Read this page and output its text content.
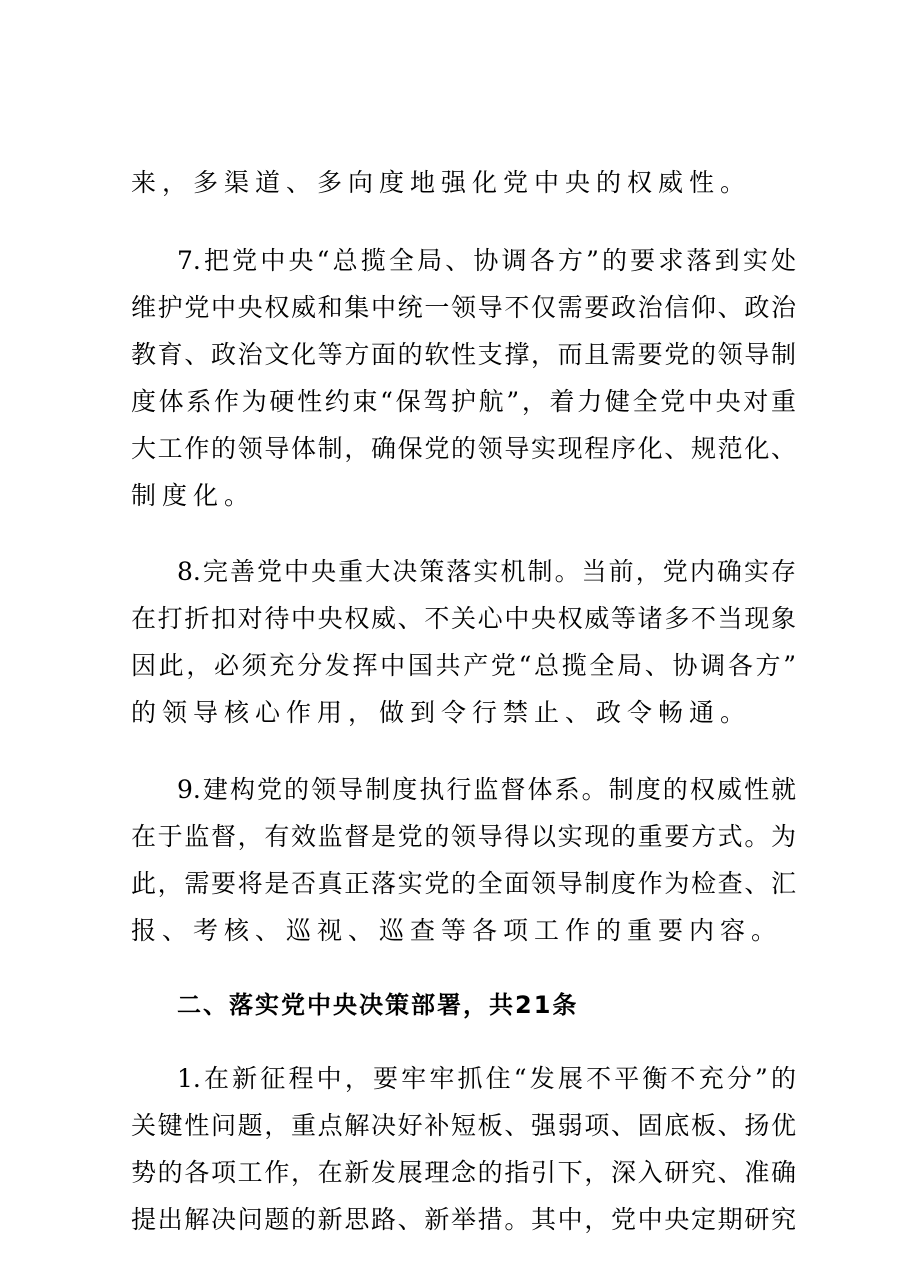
来，多渠道、多向度地强化党中央的权威性。
7.把党中央“总揽全局、协调各方”的要求落到实处
维护党中央权威和集中统一领导不仅需要政治信仰、政治
教育、政治文化等方面的软性支撑，而且需要党的领导制
度体系作为硬性约束“保驾护航”，着力健全党中央对重
大工作的领导体制，确保党的领导实现程序化、规范化、
制度化。
8.完善党中央重大决策落实机制。当前，党内确实存
在打折扣对待中央权威、不关心中央权威等诸多不当现象
因此，必须充分发挥中国共产党“总揽全局、协调各方”
的领导核心作用，做到令行禁止、政令畅通。
9.建构党的领导制度执行监督体系。制度的权威性就
在于监督，有效监督是党的领导得以实现的重要方式。为
此，需要将是否真正落实党的全面领导制度作为检查、汇
报、考核、巡视、巡查等各项工作的重要内容。
二、落实党中央决策部署，共21条
1.在新征程中，要牢牢抓住“发展不平衡不充分”的
关键性问题，重点解决好补短板、强弱项、固底板、扬优
势的各项工作，在新发展理念的指引下，深入研究、准确
提出解决问题的新思路、新举措。其中，党中央定期研究
